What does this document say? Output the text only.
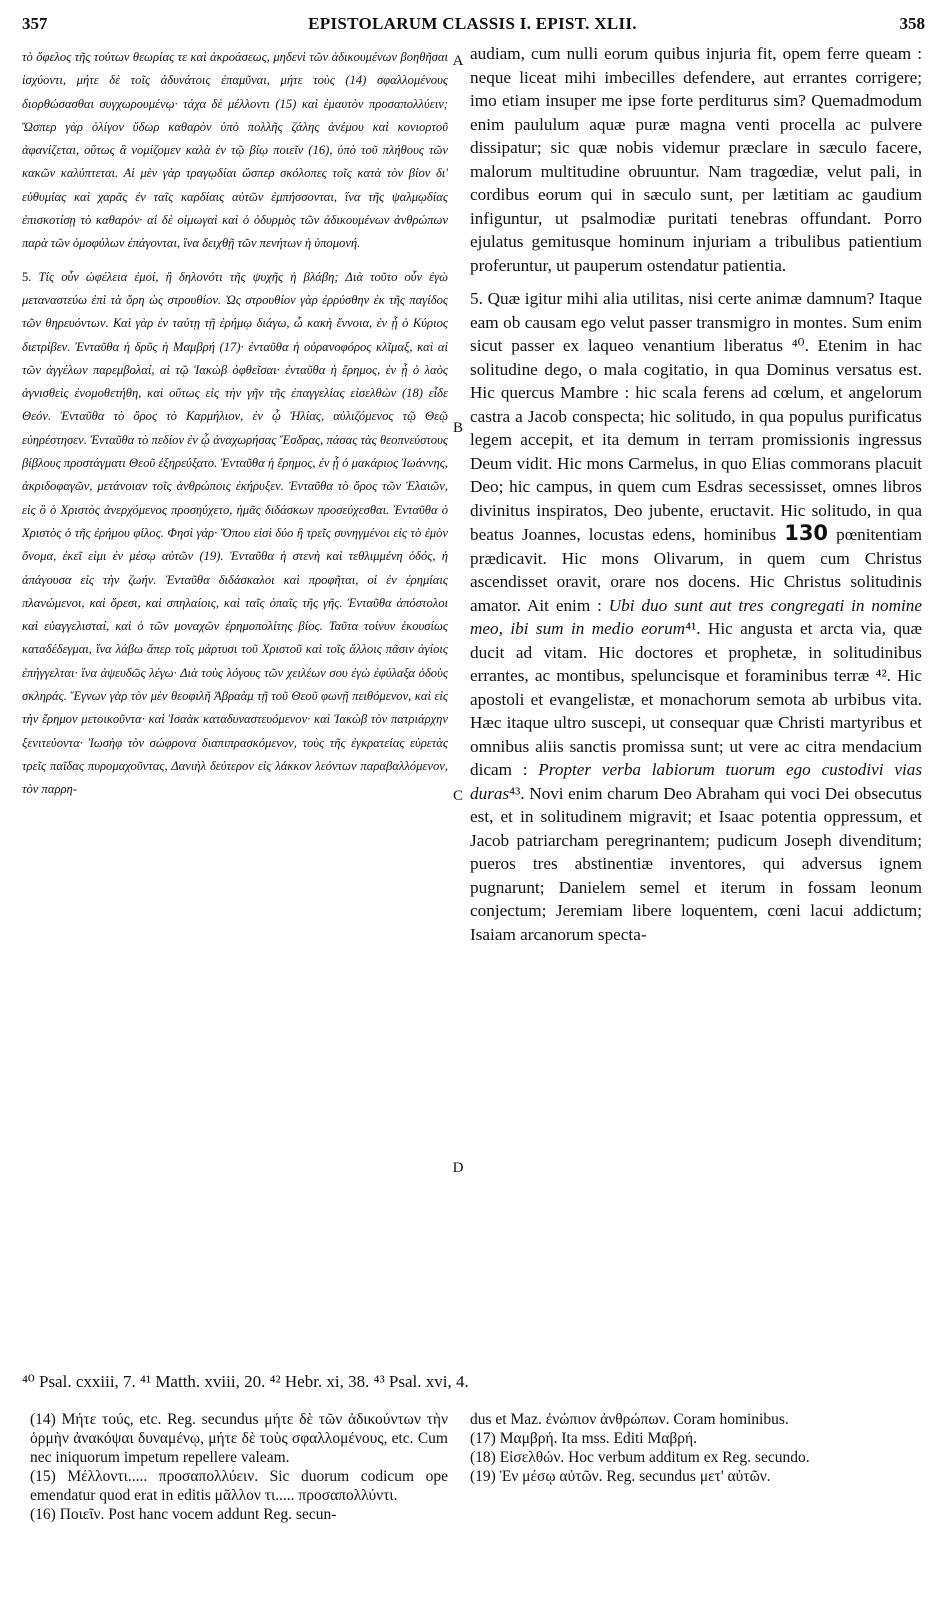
357	EPISTOLARUM CLASSIS I. EPIST. XLII.	358

τὸ ὄφελος τῆς τούτων θεωρίας τε καὶ ἀκροάσεως, μηδενὶ τῶν ἀδικουμένων βοηθῆσαι ἰσχύοντι, μήτε δὲ τοῖς ἀδυνάτοις ἐπαμῦναι, μήτε τοὺς (14) σφαλλομένους διορθώσασθαι συγχωρουμένῳ· τάχα δὲ μέλλοντι (15) καὶ ἐμαυτὸν προσαπολλύειν; Ὥσπερ γὰρ ὀλίγον ὕδωρ καθαρὸν ὑπὸ πολλῆς ζάλης ἀνέμου καὶ κονιορτοῦ ἀφανίζεται, οὕτως ἃ νομίζομεν καλὰ ἐν τῷ βίῳ ποιεῖν (16), ὑπὸ τοῦ πλήθους τῶν κακῶν καλύπτεται. Αἱ μὲν γὰρ τραγῳδίαι ὥσπερ σκόλοπες τοῖς κατὰ τὸν βίον δι' εὐθυμίας καὶ χαρᾶς ἐν ταῖς καρδίαις αὐτῶν ἐμπήσσονται, ἵνα τῆς ψαλμῳδίας ἐπισκοτίσῃ τὸ καθαρόν· αἱ δὲ οἰμωγαὶ καὶ ὁ ὀδυρμὸς τῶν ἀδικουμένων ἀνθρώπων παρὰ τῶν ὁμοφύλων ἐπάγονται, ἵνα δειχθῇ τῶν πενήτων ἡ ὑπομονή.

5. Τίς οὖν ὠφέλεια ἐμοί, ἢ δηλονότι τῆς ψυχῆς ἡ βλάβη; Διὰ τοῦτο οὖν ἐγὼ μεταναστεύω ἐπὶ τὰ ὄρη ὡς στρουθίον. Ὡς στρουθίον γὰρ ἐρρύσθην ἐκ τῆς παγίδος τῶν θηρευόντων. Καὶ γὰρ ἐν ταύτῃ τῇ ἐρήμῳ διάγω, ὦ κακὴ ἔννοια, ἐν ᾗ ὁ Κύριος διετρίβεν. Ἐνταῦθα ἡ δρῦς ἡ Μαμβρή (17)· ἐνταῦθα ἡ οὐρανοφόρος κλῖμαξ, καὶ αἱ τῶν ἀγγέλων παρεμβολαί, αἱ τῷ Ἰακὼβ ὀφθεῖσαι· ἐνταῦθα ἡ ἔρημος, ἐν ᾗ ὁ λαὸς ἁγνισθεὶς ἐνομοθετήθη, καὶ οὕτως εἰς τὴν γῆν τῆς ἐπαγγελίας εἰσελθὼν (18) εἶδε Θεόν. Ἐνταῦθα τὸ ὄρος τὸ Καρμήλιον, ἐν ᾧ Ἠλίας, αὐλιζόμενος τῷ Θεῷ εὐηρέστησεν. Ἐνταῦθα τὸ πεδίον ἐν ᾧ ἀναχωρήσας Ἔσδρας, πάσας τὰς θεοπνεύστους βίβλους προστάγματι Θεοῦ ἐξηρεύξατο. Ἐνταῦθα ἡ ἔρημος, ἐν ᾗ ὁ μακάριος Ἰωάννης, ἀκριδοφαγῶν, μετάνοιαν τοῖς ἀνθρώποις ἐκήρυξεν. Ἐνταῦθα τὸ ὄρος τῶν Ἐλαιῶν, εἰς ὃ ὁ Χριστὸς ἀνερχόμενος προσηύχετο, ἡμᾶς διδάσκων προσεύχεσθαι. Ἐνταῦθα ὁ Χριστὸς ὁ τῆς ἐρήμου φίλος. Φησὶ γάρ· Ὅπου εἰσὶ δύο ἢ τρεῖς συνηγμένοι εἰς τὸ ἐμὸν ὄνομα, ἐκεῖ εἰμι ἐν μέσῳ αὐτῶν (19). Ἐνταῦθα ἡ στενὴ καὶ τεθλιμμένη ὁδός, ἡ ἀπάγουσα εἰς τὴν ζωήν. Ἐνταῦθα διδάσκαλοι καὶ προφῆται, οἱ ἐν ἐρημίαις πλανώμενοι, καὶ ὄρεσι, καὶ σπηλαίοις, καὶ ταῖς ὀπαῖς τῆς γῆς. Ἐνταῦθα ἀπόστολοι καὶ εὐαγγελισταί, καὶ ὁ τῶν μοναχῶν ἐρημοπολίτης βίος. Ταῦτα τοίνυν ἑκουσίως καταδέδεγμαι, ἵνα λάβω ἅπερ τοῖς μάρτυσι τοῦ Χριστοῦ καὶ τοῖς ἄλλοις πᾶσιν ἁγίοις ἐπήγγελται· ἵνα ἀψευδῶς λέγω· Διὰ τοὺς λόγους τῶν χειλέων σου ἐγὼ ἐφύλαξα ὁδοὺς σκληράς. Ἔγνων γὰρ τὸν μὲν θεοφιλῆ Ἀβραὰμ τῇ τοῦ Θεοῦ φωνῇ πειθόμενον, καὶ εἰς τὴν ἔρημον μετοικοῦντα· καὶ Ἰσαὰκ καταδυναστευόμενον· καὶ Ἰακὼβ τὸν πατριάρχην ξενιτεύοντα· Ἰωσὴφ τὸν σώφρονα διαπιπρασκόμενον, τοὺς τῆς ἐγκρατείας εὑρετὰς τρεῖς παῖδας πυρομαχοῦντας, Δανιὴλ δεύτερον εἰς λάκκον λεόντων παραβαλλόμενον, τὸν παρρη-

A
B
C
D

audiam, cum nulli eorum quibus injuria fit, opem ferre queam : neque liceat mihi imbecilles defendere, aut errantes corrigere; imo etiam insuper me ipse forte perditurus sim? Quemadmodum enim paululum aquæ puræ magna venti procella ac pulvere dissipatur; sic quæ nobis videmur præclare in sæculo facere, malorum multitudine obruuntur. Nam tragœdiæ, velut pali, in cordibus eorum qui in sæculo sunt, per lætitiam ac gaudium infiguntur, ut psalmodiæ puritati tenebras offundant. Porro ejulatus gemitusque hominum injuriam a tribulibus patientium proferuntur, ut pauperum ostendatur patientia.

5. Quæ igitur mihi alia utilitas, nisi certe animæ damnum? Itaque eam ob causam ego velut passer transmigro in montes. Sum enim sicut passer ex laqueo venantium liberatus ⁴⁰. Etenim in hac solitudine dego, o mala cogitatio, in qua Dominus versatus est. Hic quercus Mambre : hic scala ferens ad cœlum, et angelorum castra a Jacob conspecta; hic solitudo, in qua populus purificatus legem accepit, et ita demum in terram promissionis ingressus Deum vidit. Hic mons Carmelus, in quo Elias commorans placuit Deo; hic campus, in quem cum Esdras secessisset, omnes libros divinitus inspiratos, Deo jubente, eructavit. Hic solitudo, in qua beatus Joannes, locustas edens, hominibus 130 pœnitentiam prædicavit. Hic mons Olivarum, in quem cum Christus ascendisset oravit, orare nos docens. Hic Christus solitudinis amator. Ait enim : Ubi duo sunt aut tres congregati in nomine meo, ibi sum in medio eorum⁴¹. Hic angusta et arcta via, quæ ducit ad vitam. Hic doctores et prophetæ, in solitudinibus errantes, ac montibus, speluncisque et foraminibus terræ ⁴². Hic apostoli et evangelistæ, et monachorum semota ab urbibus vita. Hæc itaque ultro suscepi, ut consequar quæ Christi martyribus et omnibus aliis sanctis promissa sunt; ut vere ac citra mendacium dicam : Propter verba labiorum tuorum ego custodivi vias duras⁴³. Novi enim charum Deo Abraham qui voci Dei obsecutus est, et in solitudinem migravit; et Isaac potentia oppressum, et Jacob patriarcham peregrinantem; pudicum Joseph divenditum; pueros tres abstinentiæ inventores, qui adversus ignem pugnarunt; Danielem semel et iterum in fossam leonum conjectum; Jeremiam libere loquentem, cœni lacui addictum; Isaiam arcanorum specta-

⁴⁰ Psal. cxxiii, 7. ⁴¹ Matth. xviii, 20. ⁴² Hebr. xi, 38. ⁴³ Psal. xvi, 4.

(14) Μήτε τούς, etc. Reg. secundus μήτε δὲ τῶν ἀδικούντων τὴν ὁρμὴν ἀνακόψαι δυναμένῳ, μήτε δὲ τοὺς σφαλλομένους, etc. Cum nec iniquorum impetum repellere valeam.

(15) Μέλλοντι..... προσαπολλύειν. Sic duorum codicum ope emendatur quod erat in editis μᾶλλον τι..... προσαπολλύντι.

(16) Ποιεῖν. Post hanc vocem addunt Reg. secun-

dus et Maz. ἐνώπιον ἀνθρώπων. Coram hominibus.

(17) Μαμβρή. Ita mss. Editi Μαβρή.

(18) Εἰσελθών. Hoc verbum additum ex Reg. secundo.

(19) Ἐν μέσῳ αὐτῶν. Reg. secundus μετ' αὐτῶν.
